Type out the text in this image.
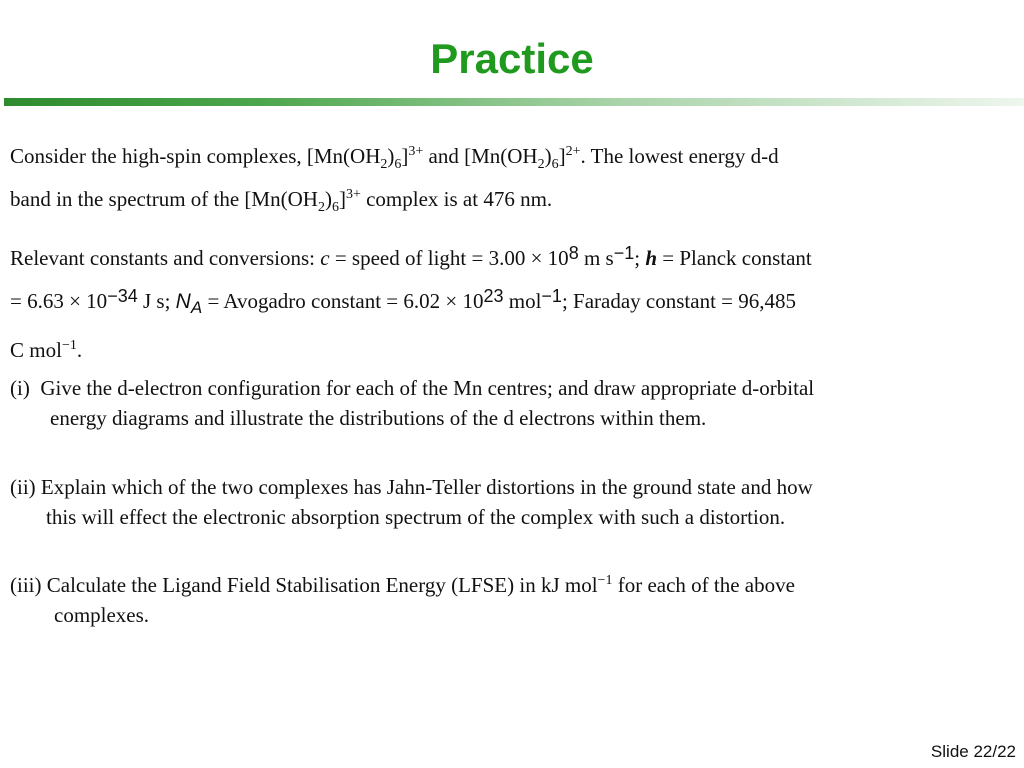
Practice
Consider the high-spin complexes, $[Mn(OH_2)_6]^{3+}$ and $[Mn(OH_2)_6]^{2+}$. The lowest energy d-d
band in the spectrum of the $[Mn(OH_2)_6]^{3+}$ complex is at 476 nm.
Relevant constants and conversions: c = speed of light = 3.00 × 108 m s−1; h = Planck constant
= 6.63 × 10−34 J s; $N_A$ = Avogadro constant = 6.02 × 1023 mol−1; Faraday constant = 96,485
C mol$^{-1}$.
(i) Give the d-electron configuration for each of the Mn centres; and draw appropriate d-orbital
energy diagrams and illustrate the distributions of the d electrons within them.
(ii) Explain which of the two complexes has Jahn-Teller distortions in the ground state and how
this will effect the electronic absorption spectrum of the complex with such a distortion.
(iii) Calculate the Ligand Field Stabilisation Energy (LFSE) in kJ mol$^{-1}$ for each of the above
complexes.
Slide 22/22
